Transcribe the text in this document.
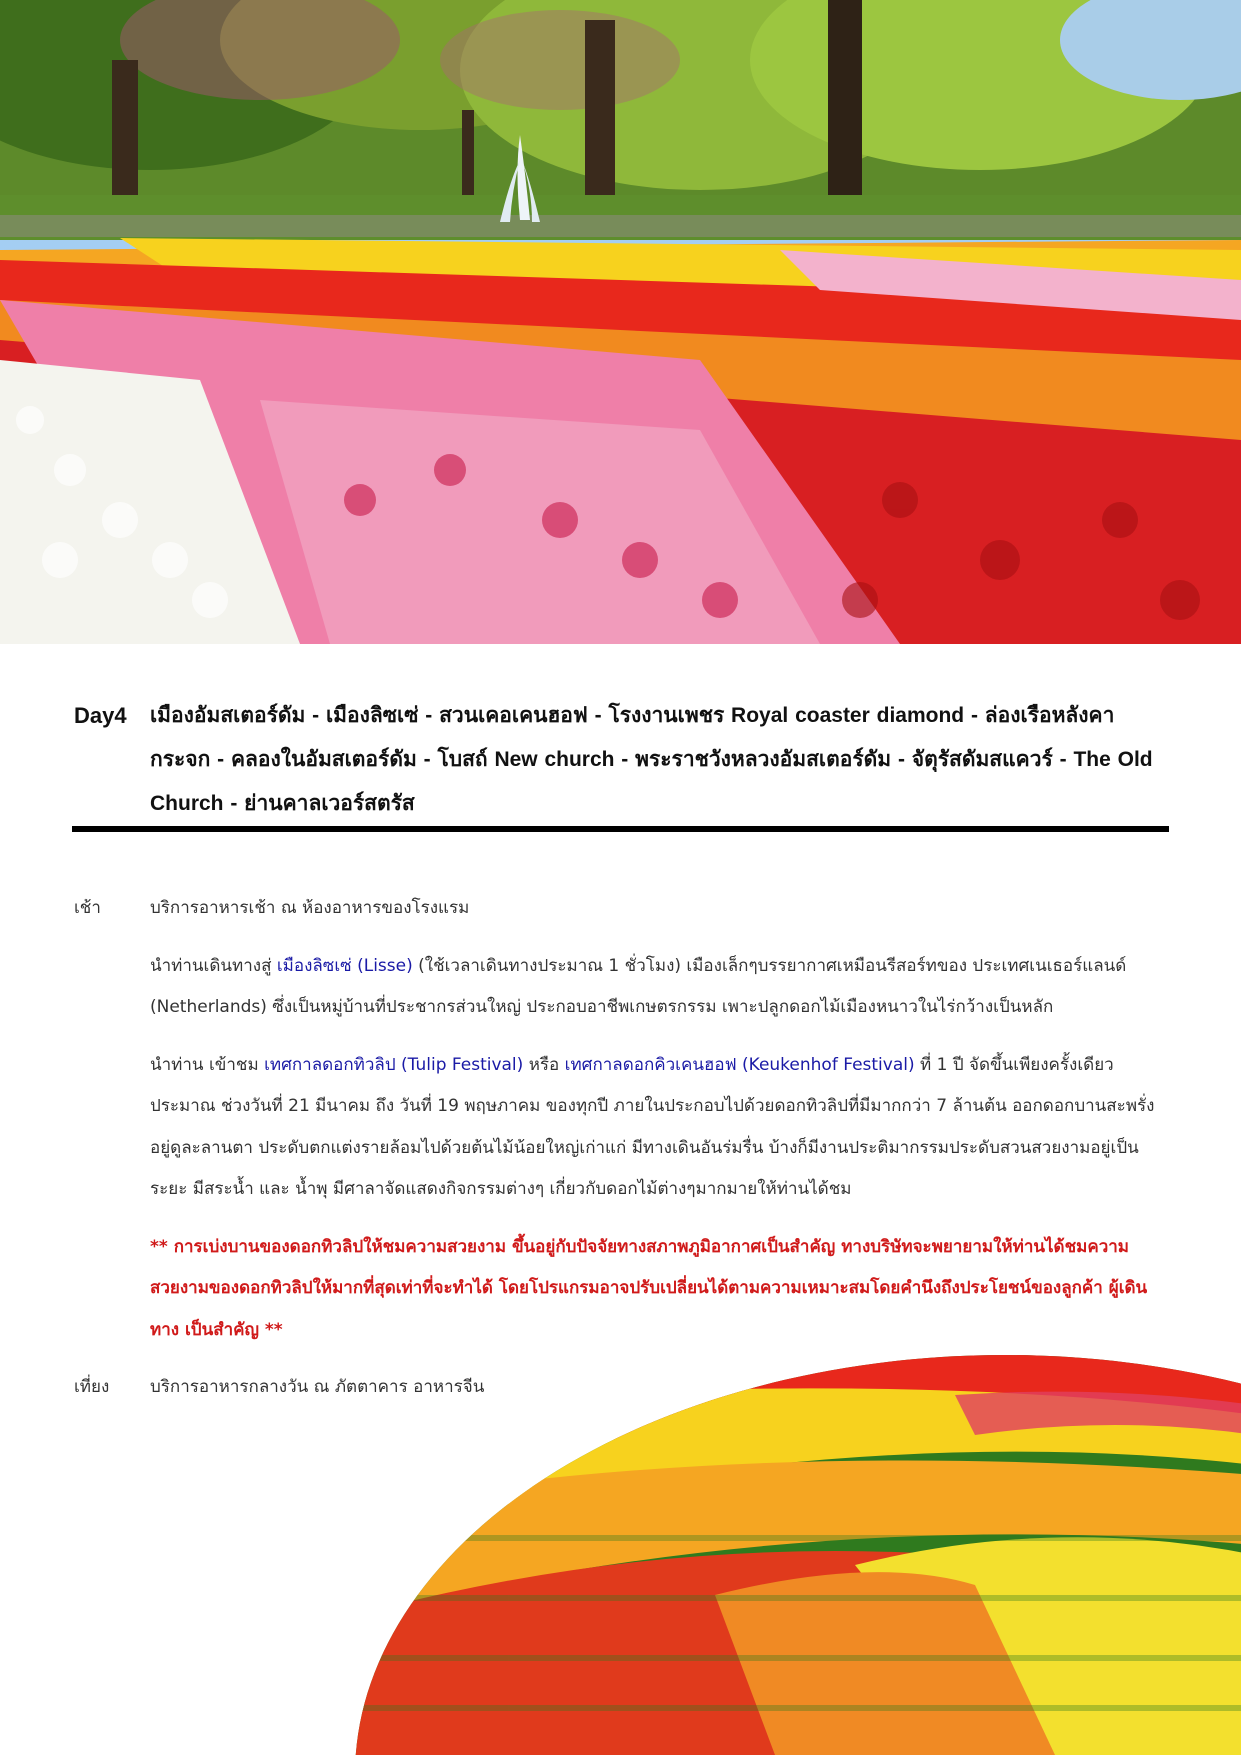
Day4 เมืองอัมสเตอร์ดัม - เมืองลิซเซ่ - สวนเคอเคนฮอฟ - โรงงานเพชร Royal coaster diamond - ล่องเรือหลังคากระจก - คลองในอัมสเตอร์ดัม - โบสถ์ New church - พระราชวังหลวงอัมสเตอร์ดัม - จัตุรัสดัมสแควร์ - The Old Church - ย่านคาลเวอร์สตรัส
เช้า	บริการอาหารเช้า ณ ห้องอาหารของโรงแรม

นำท่านเดินทางสู่ เมืองลิซเซ่ (Lisse) (ใช้เวลาเดินทางประมาณ 1 ชั่วโมง) เมืองเล็กๆบรรยากาศเหมือนรีสอร์ทของ ประเทศเนเธอร์แลนด์ (Netherlands) ซึ่งเป็นหมู่บ้านที่ประชากรส่วนใหญ่ ประกอบอาชีพเกษตรกรรม เพาะปลูกดอกไม้เมืองหนาวในไร่กว้างเป็นหลัก

นำท่าน เข้าชม เทศกาลดอกทิวลิป (Tulip Festival) หรือ เทศกาลดอกคิวเคนฮอฟ (Keukenhof Festival) ที่ 1 ปี จัดขึ้นเพียงครั้งเดียว ประมาณ ช่วงวันที่ 21 มีนาคม ถึง วันที่ 19 พฤษภาคม ของทุกปี ภายในประกอบไปด้วยดอกทิวลิปที่มีมากกว่า 7 ล้านต้น ออกดอกบานสะพรั่งอยู่ดูละลานตา ประดับตกแต่งรายล้อมไปด้วยต้นไม้น้อยใหญ่เก่าแก่ มีทางเดินอันร่มรื่น บ้างก็มีงานประติมากรรมประดับสวนสวยงามอยู่เป็นระยะ มีสระน้ำ และ น้ำพุ มีศาลาจัดแสดงกิจกรรมต่างๆ เกี่ยวกับดอกไม้ต่างๆมากมายให้ท่านได้ชม

** การเบ่งบานของดอกทิวลิปให้ชมความสวยงาม ขึ้นอยู่กับปัจจัยทางสภาพภูมิอากาศเป็นสำคัญ ทางบริษัทจะพยายามให้ท่านได้ชมความสวยงามของดอกทิวลิปให้มากที่สุดเท่าที่จะทำได้ โดยโปรแกรมอาจปรับเปลี่ยนได้ตามความเหมาะสมโดยคำนึงถึงประโยชน์ของลูกค้า ผู้เดินทาง เป็นสำคัญ **

เที่ยง บริการอาหารกลางวัน ณ ภัตตาคาร อาหารจีน
